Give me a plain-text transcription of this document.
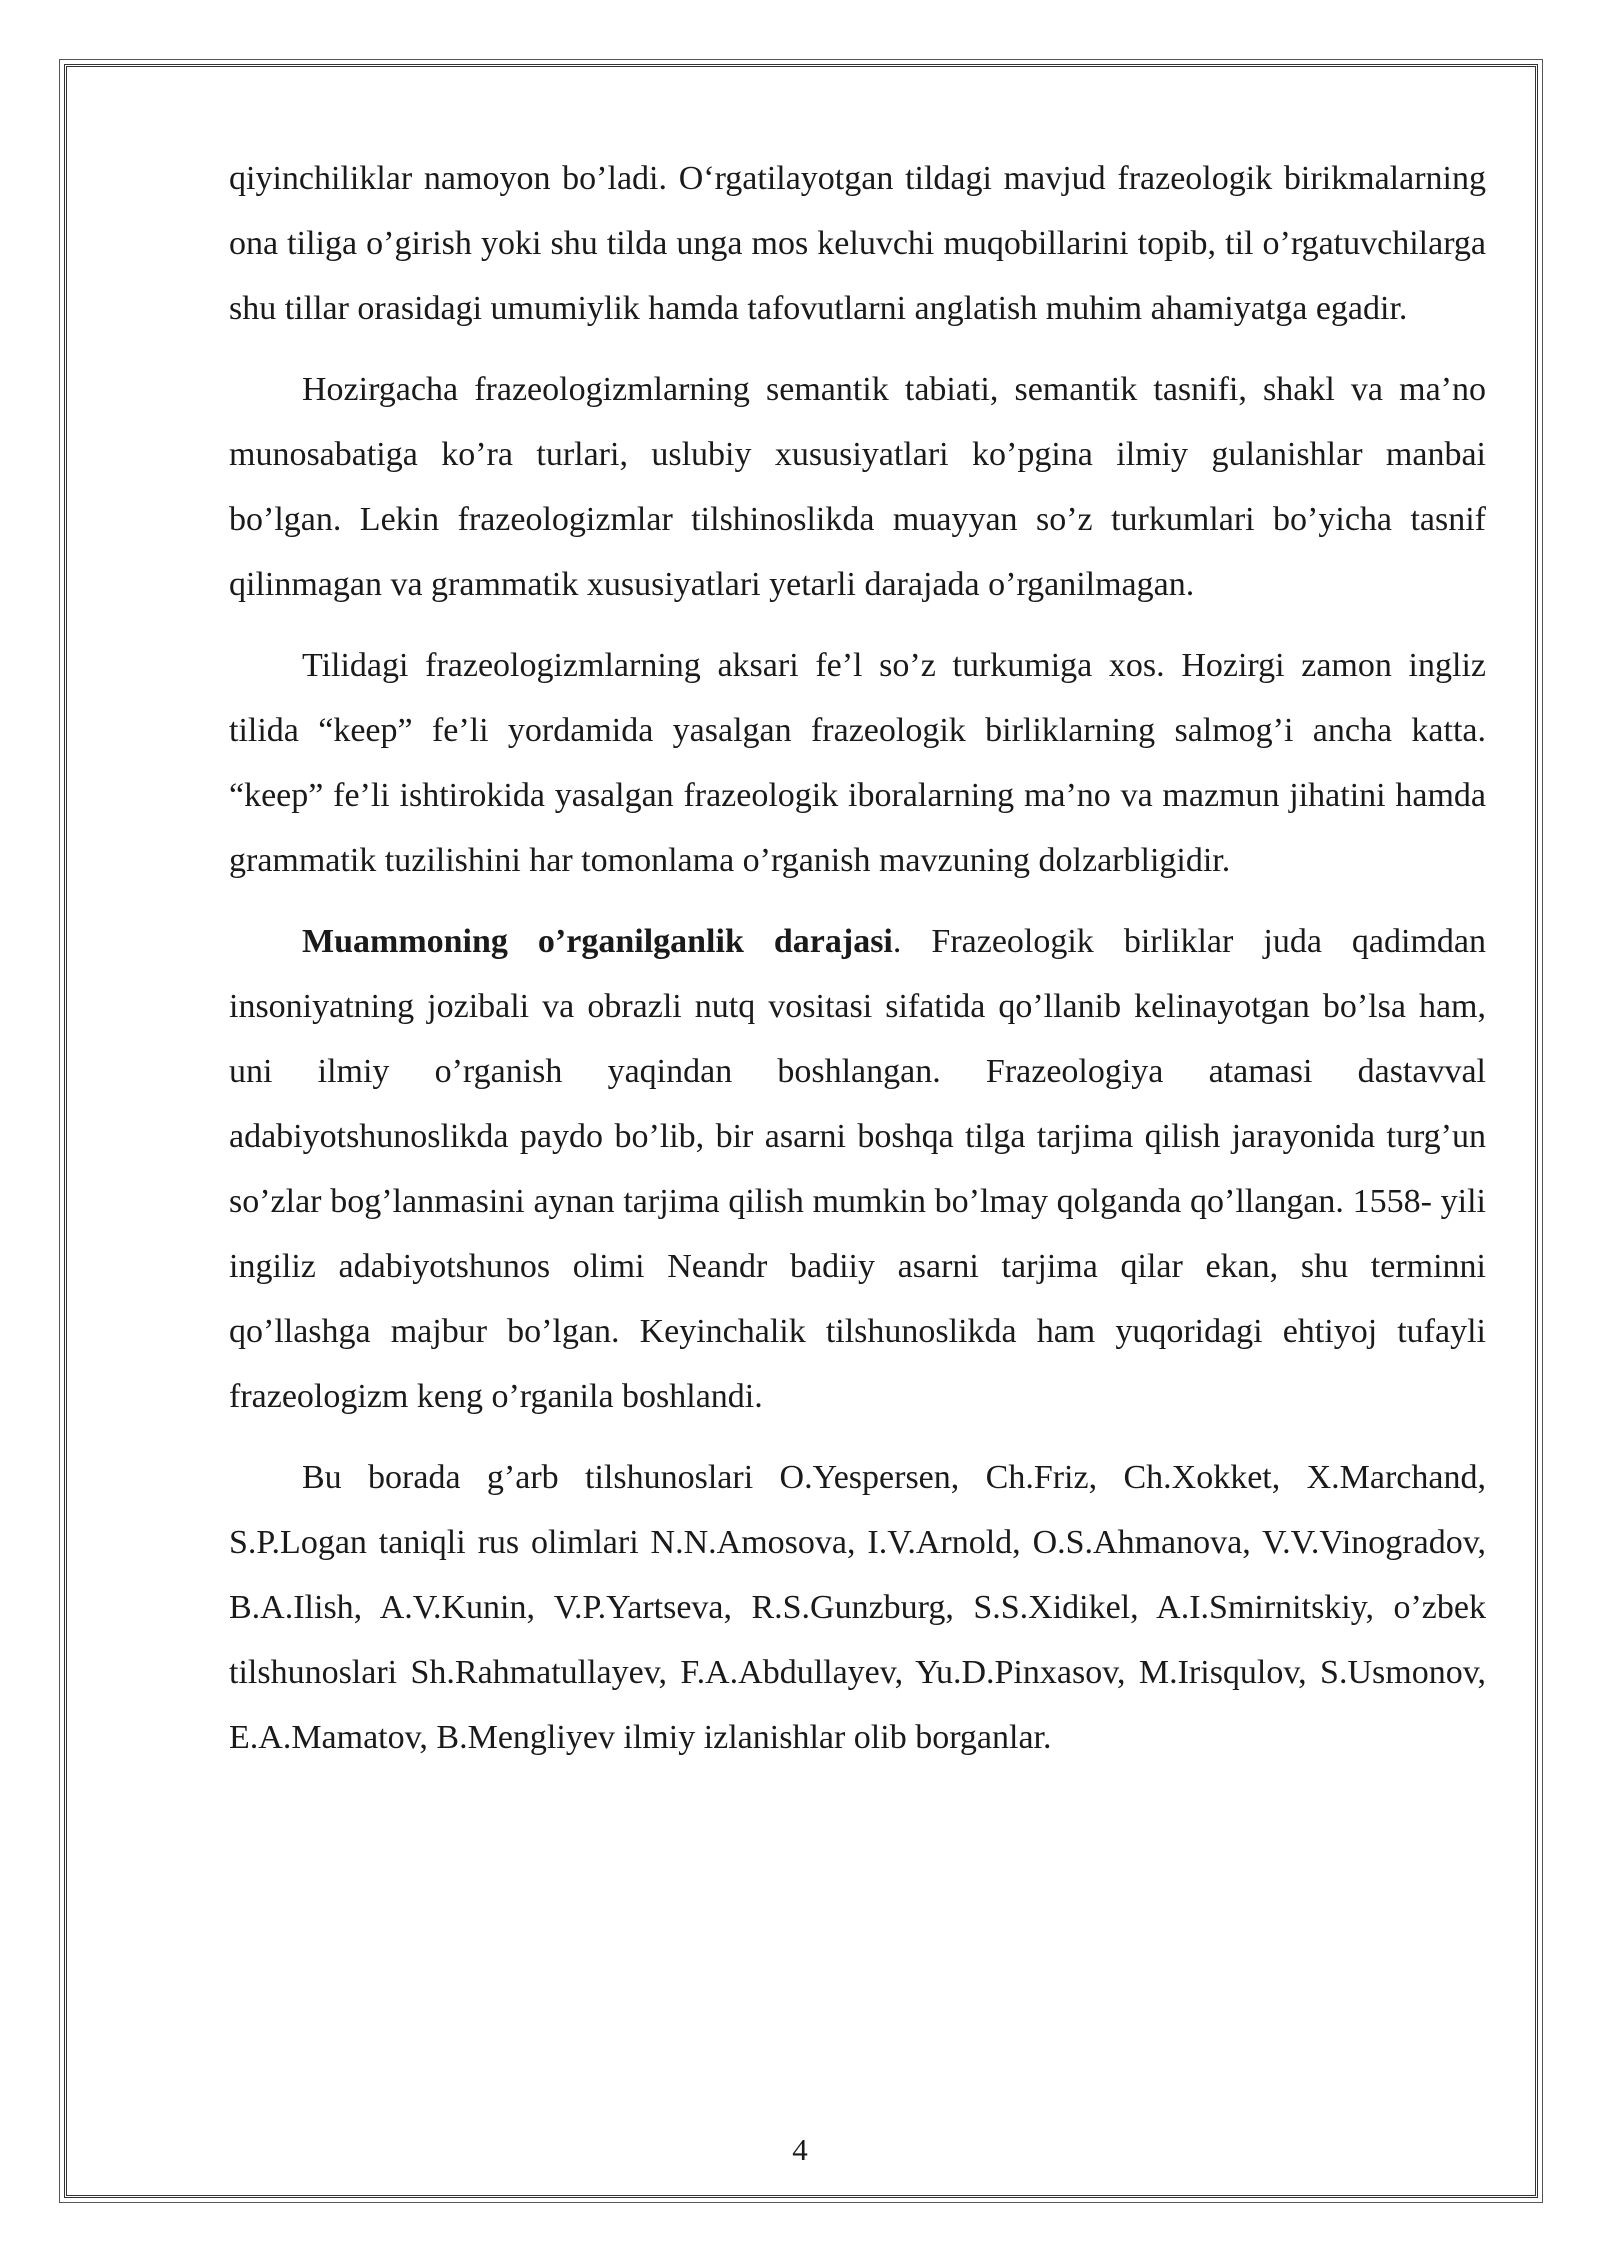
qiyinchiliklar namoyon bo’ladi. O‘rgatilayotgan tildagi mavjud frazeologik birikmalarning ona tiliga o’girish yoki shu tilda unga mos keluvchi muqobillarini topib, til o’rgatuvchilarga shu tillar orasidagi umumiylik hamda tafovutlarni anglatish muhim ahamiyatga egadir.

Hozirgacha frazeologizmlarning semantik tabiati, semantik tasnifi, shakl va ma’no munosabatiga ko’ra turlari, uslubiy xususiyatlari ko’pgina ilmiy gulanishlar manbai bo’lgan. Lekin frazeologizmlar tilshinoslikda muayyan so’z turkumlari bo’yicha tasnif qilinmagan va grammatik xususiyatlari yetarli darajada o’rganilmagan.

Tilidagi frazeologizmlarning aksari fe’l so’z turkumiga xos. Hozirgi zamon ingliz tilida “keep” fe’li yordamida yasalgan frazeologik birliklarning salmog’i ancha katta. “keep” fe’li ishtirokida yasalgan frazeologik iboralarning ma’no va mazmun jihatini hamda grammatik tuzilishini har tomonlama o’rganish mavzuning dolzarbligidir.

Muammoning o’rganilganlik darajasi. Frazeologik birliklar juda qadimdan insoniyatning jozibali va obrazli nutq vositasi sifatida qo’llanib kelinayotgan bo’lsa ham, uni ilmiy o’rganish yaqindan boshlangan. Frazeologiya atamasi dastavval adabiyotshunoslikda paydo bo’lib, bir asarni boshqa tilga tarjima qilish jarayonida turg’un so’zlar bog’lanmasini aynan tarjima qilish mumkin bo’lmay qolganda qo’llangan. 1558- yili ingiliz adabiyotshunos olimi Neandr badiiy asarni tarjima qilar ekan, shu terminni qo’llashga majbur bo’lgan. Keyinchalik tilshunoslikda ham yuqoridagi ehtiyoj tufayli frazeologizm keng o’rganila boshlandi.

Bu borada g’arb tilshunoslari O.Yespersen, Ch.Friz, Ch.Xokket, X.Marchand, S.P.Logan taniqli rus olimlari N.N.Amosova, I.V.Arnold, O.S.Ahmanova, V.V.Vinogradov, B.A.Ilish, A.V.Kunin, V.P.Yartseva, R.S.Gunzburg, S.S.Xidikel, A.I.Smirnitskiy, o’zbek tilshunoslari Sh.Rahmatullayev, F.A.Abdullayev, Yu.D.Pinxasov, M.Irisqulov, S.Usmonov, E.A.Mamatov, B.Mengliyev ilmiy izlanishlar olib borganlar.

4
